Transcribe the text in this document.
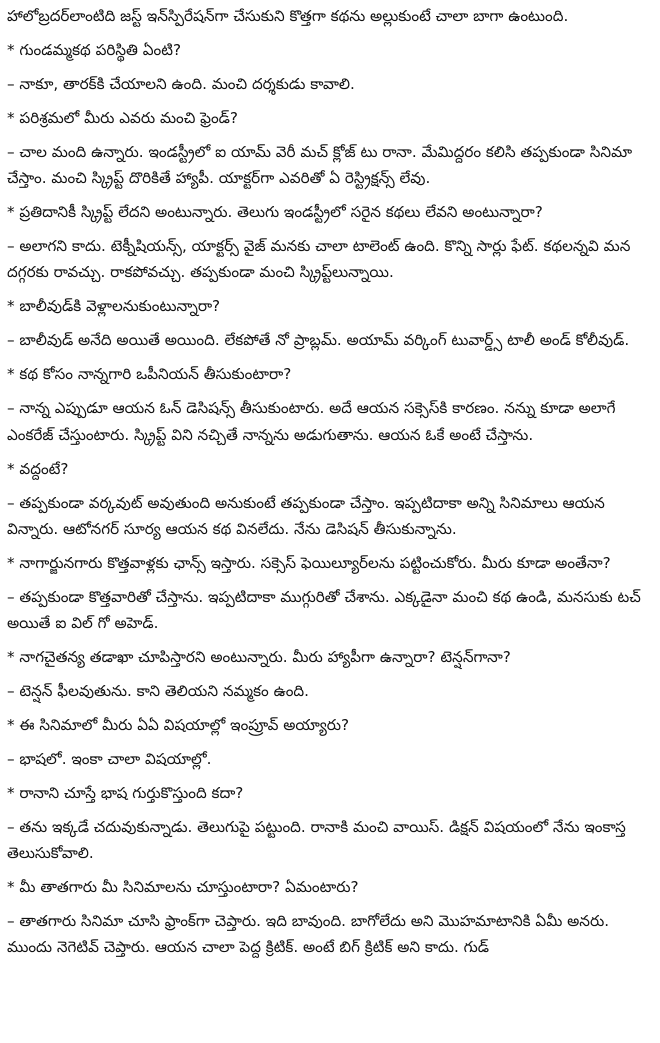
హాలోబ్రదర్‌లాంటిది జస్ట్‌ ఇన్‌స్పిరేషన్‌గా చేసుకుని కొత్తగా కథను అల్లుకుంటే చాలా బాగా ఉంటుంది.

* గుండమ్మకథ పరిస్థితి ఏంటి?

– నాకూ, తారక్‌కి చేయాలని ఉంది. మంచి దర్శకుడు కావాలి.

* పరిశ్రమలో మీరు ఎవరు మంచి ఫ్రెండ్‌?

– చాల మంది ఉన్నారు. ఇండస్ట్రీలో ఐ యామ్‌ వెరీ మచ్‌ క్లోజ్‌ టు రానా. మేమిద్దరం కలిసి తప్పకుండా సినిమా చేస్తాం. మంచి స్క్రిప్ట్‌ దొరికితే హ్యాపీ. యాక్టర్‌గా ఎవరితో ఏ రెస్ట్రిక్షన్స్‌ లేవు.

* ప్రతిదానికీ స్క్రిప్ట్‌ లేదని అంటున్నారు. తెలుగు ఇండస్ట్రీలో సరైన కథలు లేవని అంటున్నారా?

– అలాగని కాదు. టెక్నీషియన్స్‌, యాక్టర్స్‌ వైజ్‌ మనకు చాలా టాలెంట్‌ ఉంది. కొన్ని సార్లు ఫేట్‌. కథలన్నవి మన దగ్గరకు రావచ్చు. రాకపోవచ్చు. తప్పకుండా మంచి స్క్రిప్ట్‌లున్నాయి.

* బాలీవుడ్‌కి వెళ్లాలనుకుంటున్నారా?

– బాలీవుడ్‌ అనేది అయితే అయింది. లేకపోతే నో ప్రాబ్లమ్‌. అయామ్‌ వర్కింగ్‌ టువార్డ్స్‌ టాలీ అండ్‌ కోలీవుడ్‌.

* కథ కోసం నాన్నగారి ఒపీనియన్‌ తీసుకుంటారా?

– నాన్న ఎప్పుడూ ఆయన ఓన్‌ డెసిషన్స్‌ తీసుకుంటారు. అదే ఆయన సక్సెస్‌కి కారణం. నన్ను కూడా అలాగే ఎంకరేజ్‌ చేస్తుంటారు. స్క్రిప్ట్‌ విని నచ్చితే నాన్నను అడుగుతాను. ఆయన ఓకే అంటే చేస్తాను.

* వద్దంటే?

– తప్పకుండా వర్కవుట్‌ అవుతుంది అనుకుంటే తప్పకుండా చేస్తాం. ఇప్పటిదాకా అన్ని సినిమాలు ఆయన విన్నారు. ఆటోనగర్‌ సూర్య ఆయన కథ వినలేదు. నేను డెసిషన్‌ తీసుకున్నాను.

* నాగార్జునగారు కొత్తవాళ్లకు ఛాన్స్‌ ఇస్తారు. సక్సెస్‌ ఫెయిల్యూర్‌లను పట్టించుకోరు. మీరు కూడా అంతేనా?

– తప్పకుండా కొత్తవారితో చేస్తాను. ఇప్పటిదాకా ముగ్గురితో చేశాను. ఎక్కడైనా మంచి కథ ఉండి, మనసుకు టచ్‌ అయితే ఐ విల్‌ గో అహెడ్‌.

* నాగచైతన్య తడాఖా చూపిస్తారని అంటున్నారు. మీరు హ్యాపీగా ఉన్నారా? టెన్షన్‌గానా?

– టెన్షన్‌ ఫీలవుతును. కాని తెలియని నమ్మకం ఉంది.

* ఈ సినిమాలో మీరు ఏఏ విషయాల్లో ఇంప్రూవ్‌ అయ్యారు?

– భాషలో. ఇంకా చాలా విషయాల్లో.

* రానాని చూస్తే భాష గుర్తుకొస్తుంది కదా?

– తను ఇక్కడే చదువుకున్నాడు. తెలుగుపై పట్టుంది. రానాకి మంచి వాయిస్‌. డిక్షన్‌ విషయంలో నేను ఇంకాస్త తెలుసుకోవాలి.

* మీ తాతగారు మీ సినిమాలను చూస్తుంటారా? ఏమంటారు?

– తాతగారు సినిమా చూసి ఫ్రాంక్‌గా చెప్తారు. ఇది బావుంది. బాగోలేదు అని మొహమాటానికి ఏమీ అనరు. ముందు నెగెటివ్‌ చెప్తారు. ఆయన చాలా పెద్ద క్రిటిక్‌. అంటే బిగ్‌ క్రిటిక్‌ అని కాదు. గుడ్‌
